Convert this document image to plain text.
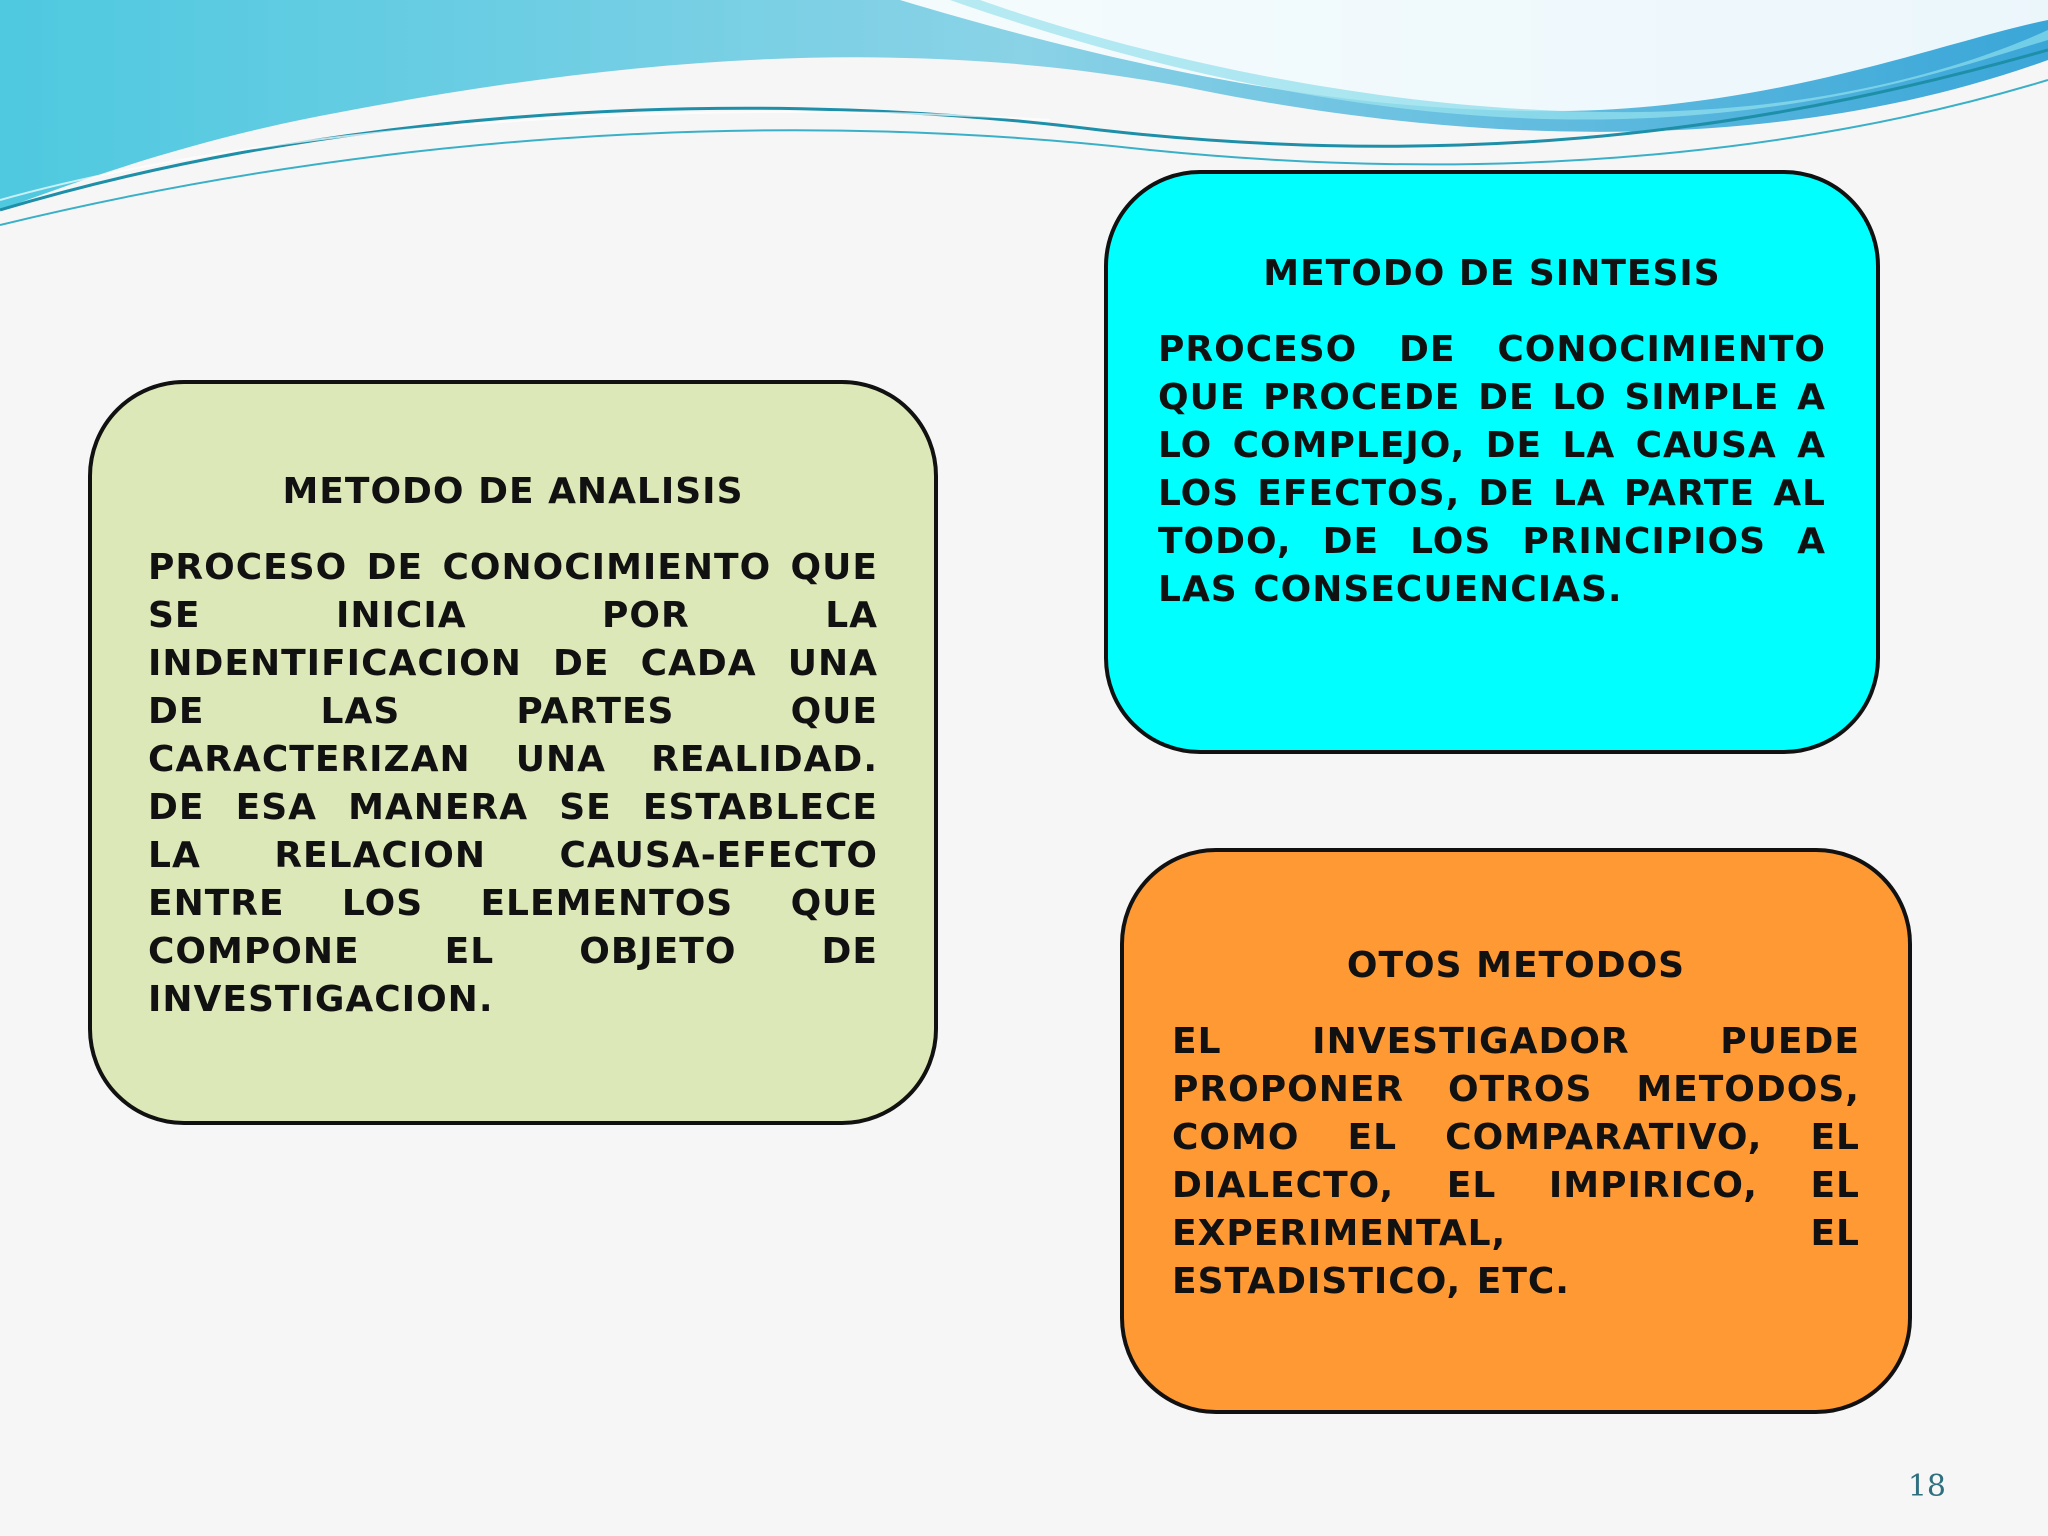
METODO DE ANALISIS

PROCESO DE CONOCIMIENTO QUE SE INICIA POR LA INDENTIFICACION DE CADA UNA DE LAS PARTES QUE CARACTERIZAN UNA REALIDAD. DE ESA MANERA SE ESTABLECE LA RELACION CAUSA-EFECTO ENTRE LOS ELEMENTOS QUE COMPONE EL OBJETO DE INVESTIGACION.

METODO DE SINTESIS

PROCESO DE CONOCIMIENTO QUE PROCEDE DE LO SIMPLE A LO COMPLEJO, DE LA CAUSA A LOS EFECTOS, DE LA PARTE AL TODO, DE LOS PRINCIPIOS A LAS CONSECUENCIAS.

OTOS METODOS

EL INVESTIGADOR PUEDE PROPONER OTROS METODOS, COMO EL COMPARATIVO, EL DIALECTO, EL IMPIRICO, EL EXPERIMENTAL, EL ESTADISTICO, ETC.

18
